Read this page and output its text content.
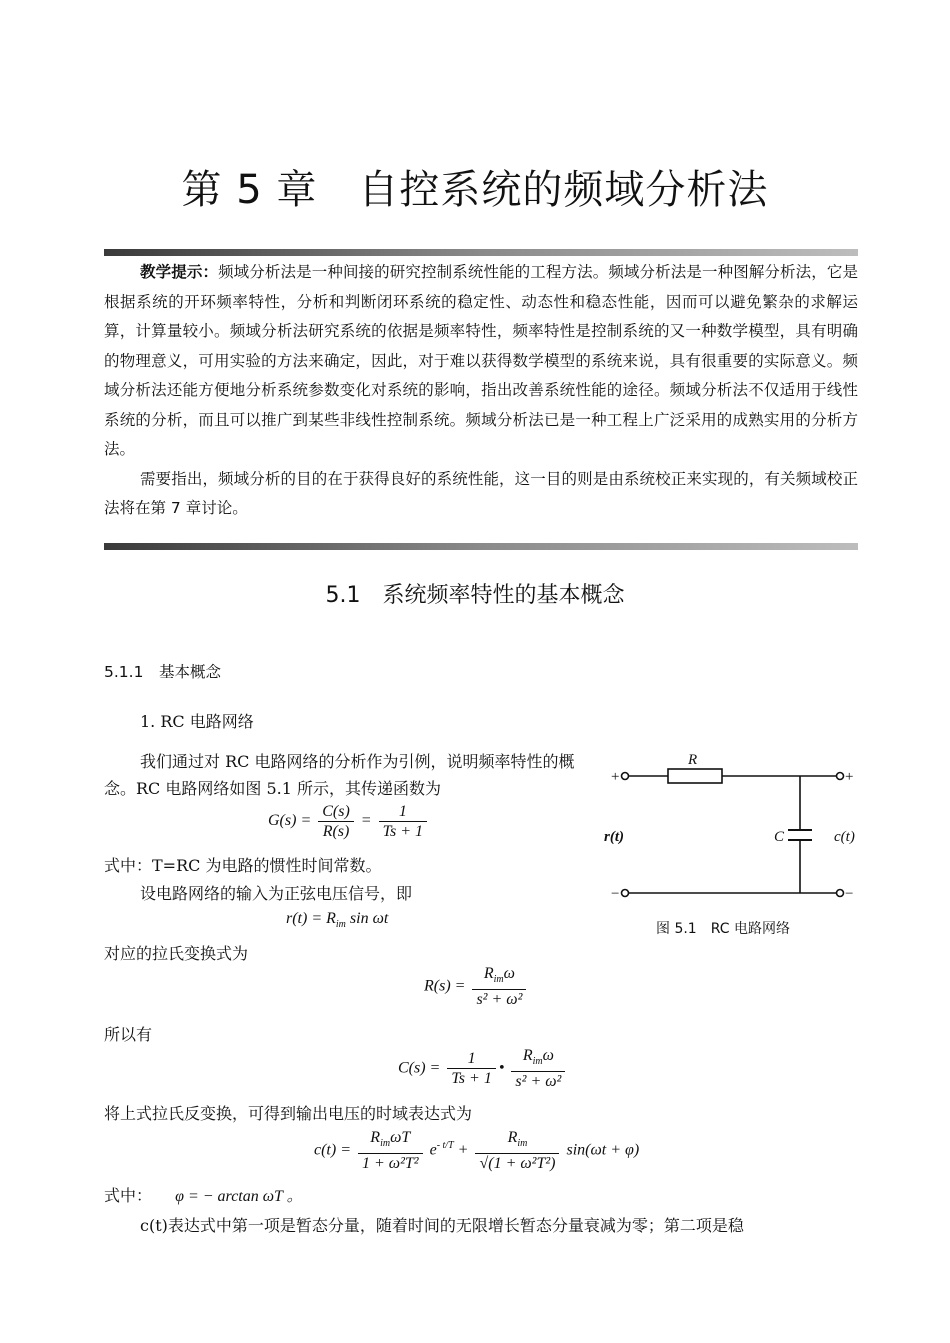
第 5 章　自控系统的频域分析法

教学提示：频域分析法是一种间接的研究控制系统性能的工程方法。频域分析法是一种图解分析法，它是根据系统的开环频率特性，分析和判断闭环系统的稳定性、动态性和稳态性能，因而可以避免繁杂的求解运算，计算量较小。频域分析法研究系统的依据是频率特性，频率特性是控制系统的又一种数学模型，具有明确的物理意义，可用实验的方法来确定，因此，对于难以获得数学模型的系统来说，具有很重要的实际意义。频域分析法还能方便地分析系统参数变化对系统的影响，指出改善系统性能的途径。频域分析法不仅适用于线性系统的分析，而且可以推广到某些非线性控制系统。频域分析法已是一种工程上广泛采用的成熟实用的分析方法。

需要指出，频域分析的目的在于获得良好的系统性能，这一目的则是由系统校正来实现的，有关频域校正法将在第 7 章讨论。

5.1　系统频率特性的基本概念
5.1.1　基本概念
1. RC 电路网络
我们通过对 RC 电路网络的分析作为引例，说明频率特性的概念。RC 电路网络如图 5.1 所示，其传递函数为
$G(s) = \frac{C(s)}{R(s)} = \frac{1}{Ts + 1}$
式中：T=RC 为电路的惯性时间常数。
设电路网络的输入为正弦电压信号，即
$r(t) = R_{im}$ sin ωt
对应的拉氏变换式为
$R(s) = \frac{R_{im}\omega}{\text{s² + ω²}}$
所以有
$C(s) = \frac{1}{Ts + 1}$ • $\frac{R_{im}\omega}{\text{s² + ω²}}$
将上式拉氏反变换，可得到输出电压的时域表达式为
$c(t) = \frac{R_{im}\omega T}{\text{1 + ω²T²}} e^{- t/T} + \frac{R_{im}}{\text{√(1 + ω²T²)}} \sin(\omega t + \varphi)$
式中： φ = − arctan ωT 。
c(t)表达式中第一项是暂态分量，随着时间的无限增长暂态分量衰减为零；第二项是稳
R
C
r(t)	c(t)
+	+
−	−
图 5.1　RC 电路网络
